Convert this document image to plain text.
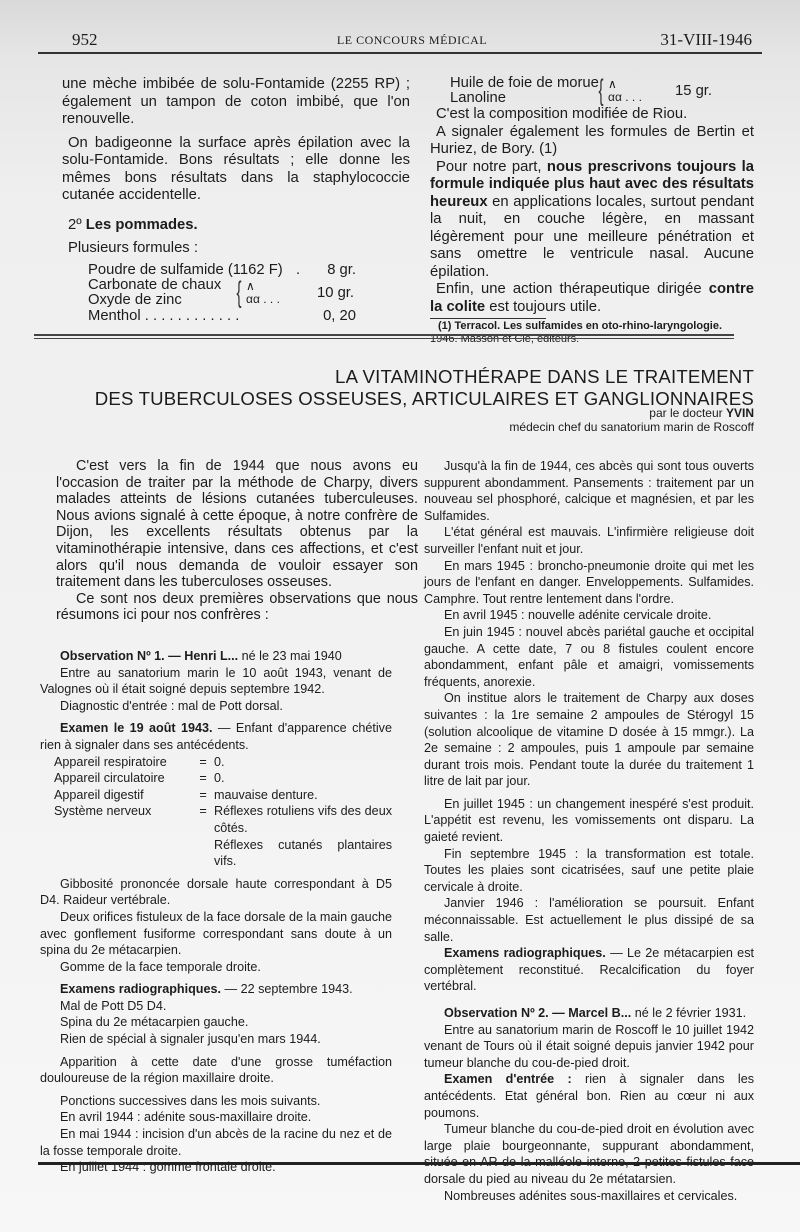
952	LE CONCOURS MÉDICAL	31-VIII-1946

une mèche imbibée de solu-Fontamide (2255 RP) ; également un tampon de coton imbibé, que l'on renouvelle.

On badigeonne la surface après épilation avec la solu-Fontamide. Bons résultats ; elle donne les mêmes bons résultats dans la staphylococcie cutanée accidentelle.

2º Les pommades.

Plusieurs formules :

Poudre de sulfamide (1162 F) .	8 gr.
Carbonate de chaux
Oxyde de zinc	{ ∧
αα . . .	10 gr.
Menthol . . . . . . . . . . . .	0, 20
Huile de foie de morue
Lanoline	{ ∧
αα . . .	15 gr.

C'est la composition modifiée de Riou.

A signaler également les formules de Bertin et Huriez, de Bory. (1)

Pour notre part, nous prescrivons toujours la formule indiquée plus haut avec des résultats heureux en applications locales, surtout pendant la nuit, en couche légère, en massant légèrement pour une meilleure pénétration et sans omettre le ventricule nasal. Aucune épilation.

Enfin, une action thérapeutique dirigée contre la colite est toujours utile.

(1) Terracol. Les sulfamides en oto-rhino-laryngologie.
1946. Masson et Cie, éditeurs.
LA VITAMINOTHÉRAPE DANS LE TRAITEMENT
DES TUBERCULOSES OSSEUSES, ARTICULAIRES ET GANGLIONNAIRES
par le docteur YVIN
médecin chef du sanatorium marin de Roscoff

C'est vers la fin de 1944 que nous avons eu l'occasion de traiter par la méthode de Charpy, divers malades atteints de lésions cutanées tuberculeuses. Nous avions signalé à cette époque, à notre confrère de Dijon, les excellents résultats obtenus par la vitaminothérapie intensive, dans ces affections, et c'est alors qu'il nous demanda de vouloir essayer son traitement dans les tuberculoses osseuses.

Ce sont nos deux premières observations que nous résumons ici pour nos confrères :

Observation Nº 1. — Henri L... né le 23 mai 1940

Entre au sanatorium marin le 10 août 1943, venant de Valognes où il était soigné depuis septembre 1942.

Diagnostic d'entrée : mal de Pott dorsal.

Examen le 19 août 1943. — Enfant d'apparence chétive rien à signaler dans ses antécédents.

Appareil respiratoire	= 0.
Appareil circulatoire	= 0.
Appareil digestif	= mauvaise denture.
Système nerveux	= Réflexes rotuliens vifs des deux côtés.
Réflexes cutanés plantaires vifs.

Gibbosité prononcée dorsale haute correspondant à D5 D4. Raideur vertébrale.

Deux orifices fistuleux de la face dorsale de la main gauche avec gonflement fusiforme correspondant sans doute à un spina du 2e métacarpien.

Gomme de la face temporale droite.

Examens radiographiques. — 22 septembre 1943.

Mal de Pott D5 D4.

Spina du 2e métacarpien gauche.

Rien de spécial à signaler jusqu'en mars 1944.

Apparition à cette date d'une grosse tuméfaction douloureuse de la région maxillaire droite.

Ponctions successives dans les mois suivants.

En avril 1944 : adénite sous-maxillaire droite.

En mai 1944 : incision d'un abcès de la racine du nez et de la fosse temporale droite.

En juillet 1944 : gomme frontale droite.

Jusqu'à la fin de 1944, ces abcès qui sont tous ouverts suppurent abondamment. Pansements : traitement par un nouveau sel phosphoré, calcique et magnésien, et par les Sulfamides.

L'état général est mauvais. L'infirmière religieuse doit surveiller l'enfant nuit et jour.

En mars 1945 : broncho-pneumonie droite qui met les jours de l'enfant en danger. Enveloppements. Sulfamides. Camphre. Tout rentre lentement dans l'ordre.

En avril 1945 : nouvelle adénite cervicale droite.

En juin 1945 : nouvel abcès pariétal gauche et occipital gauche. A cette date, 7 ou 8 fistules coulent encore abondamment, enfant pâle et amaigri, vomissements fréquents, anorexie.

On institue alors le traitement de Charpy aux doses suivantes : la 1re semaine 2 ampoules de Stérogyl 15 (solution alcoolique de vitamine D dosée à 15 mmgr.). La 2e semaine : 2 ampoules, puis 1 ampoule par semaine durant trois mois. Pendant toute la durée du traitement 1 litre de lait par jour.

En juillet 1945 : un changement inespéré s'est produit. L'appétit est revenu, les vomissements ont disparu. La gaieté revient.

Fin septembre 1945 : la transformation est totale. Toutes les plaies sont cicatrisées, sauf une petite plaie cervicale à droite.

Janvier 1946 : l'amélioration se poursuit. Enfant méconnaissable. Est actuellement le plus dissipé de sa salle.

Examens radiographiques. — Le 2e métacarpien est complètement reconstitué. Recalcification du foyer vertébral.

Observation Nº 2. — Marcel B... né le 2 février 1931.

Entre au sanatorium marin de Roscoff le 10 juillet 1942 venant de Tours où il était soigné depuis janvier 1942 pour tumeur blanche du cou-de-pied droit.

Examen d'entrée : rien à signaler dans les antécédents. Etat général bon. Rien au cœur ni aux poumons.

Tumeur blanche du cou-de-pied droit en évolution avec large plaie bourgeonnante, suppurant abondamment, située en AR de la malléole interne, 2 petites fistules face dorsale du pied au niveau du 2e métatarsien.

Nombreuses adénites sous-maxillaires et cervicales.
